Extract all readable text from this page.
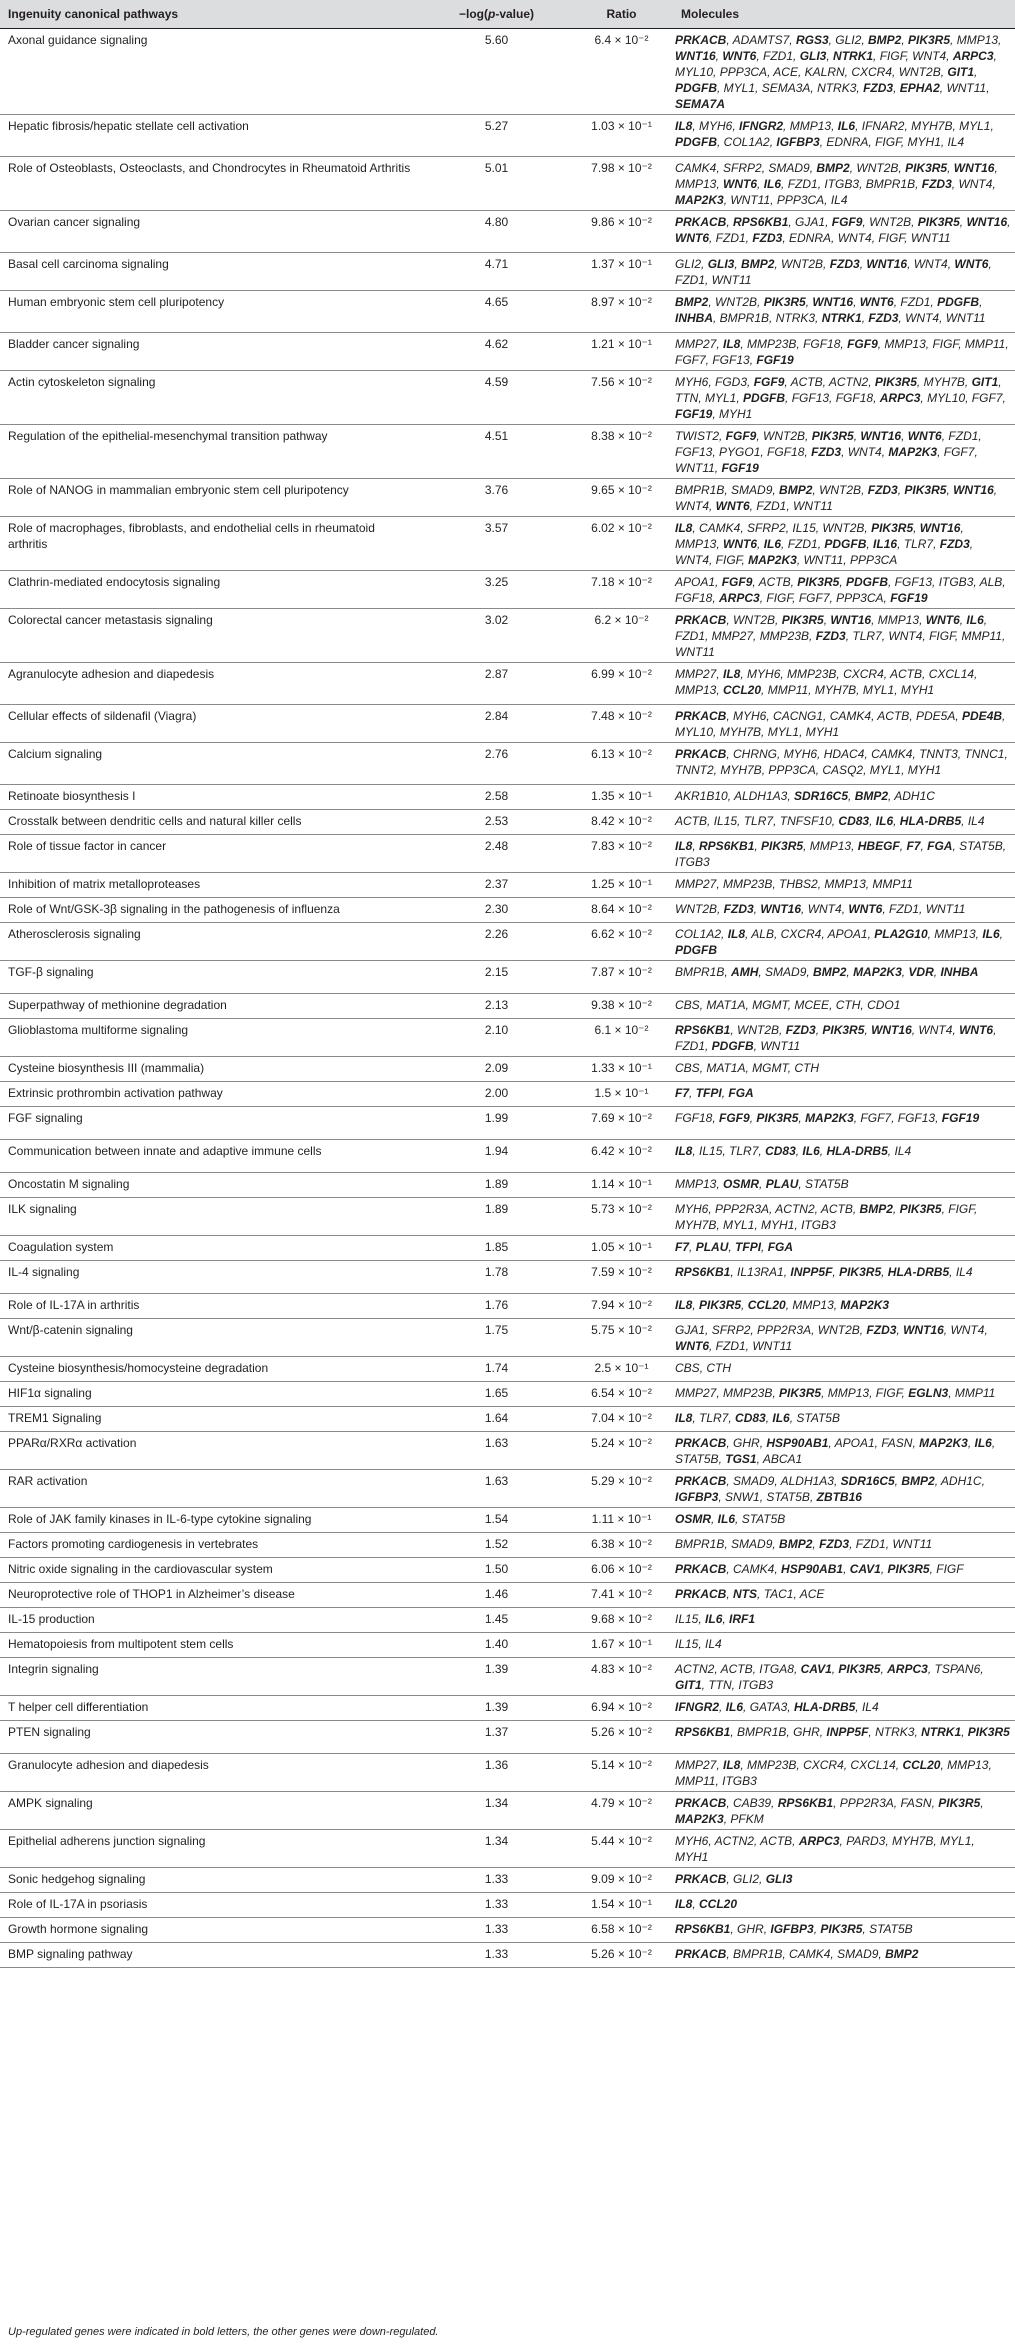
Ingenuity canonical pathways	−log(p-value)	Ratio	Molecules
Axonal guidance signaling	5.60	6.4 × 10⁻²	PRKACB, ADAMTS7, RGS3, GLI2, BMP2, PIK3R5, MMP13, WNT16, WNT6, FZD1, GLI3, NTRK1, FIGF, WNT4, ARPC3, MYL10, PPP3CA, ACE, KALRN, CXCR4, WNT2B, GIT1, PDGFB, MYL1, SEMA3A, NTRK3, FZD3, EPHA2, WNT11, SEMA7A
Hepatic fibrosis/hepatic stellate cell activation	5.27	1.03 × 10⁻¹	IL8, MYH6, IFNGR2, MMP13, IL6, IFNAR2, MYH7B, MYL1, PDGFB, COL1A2, IGFBP3, EDNRA, FIGF, MYH1, IL4
Role of Osteoblasts, Osteoclasts, and Chondrocytes in Rheumatoid Arthritis	5.01	7.98 × 10⁻²	CAMK4, SFRP2, SMAD9, BMP2, WNT2B, PIK3R5, WNT16, MMP13, WNT6, IL6, FZD1, ITGB3, BMPR1B, FZD3, WNT4, MAP2K3, WNT11, PPP3CA, IL4
Ovarian cancer signaling	4.80	9.86 × 10⁻²	PRKACB, RPS6KB1, GJA1, FGF9, WNT2B, PIK3R5, WNT16, WNT6, FZD1, FZD3, EDNRA, WNT4, FIGF, WNT11
Basal cell carcinoma signaling	4.71	1.37 × 10⁻¹	GLI2, GLI3, BMP2, WNT2B, FZD3, WNT16, WNT4, WNT6, FZD1, WNT11
Human embryonic stem cell pluripotency	4.65	8.97 × 10⁻²	BMP2, WNT2B, PIK3R5, WNT16, WNT6, FZD1, PDGFB, INHBA, BMPR1B, NTRK3, NTRK1, FZD3, WNT4, WNT11
Bladder cancer signaling	4.62	1.21 × 10⁻¹	MMP27, IL8, MMP23B, FGF18, FGF9, MMP13, FIGF, MMP11, FGF7, FGF13, FGF19
Actin cytoskeleton signaling	4.59	7.56 × 10⁻²	MYH6, FGD3, FGF9, ACTB, ACTN2, PIK3R5, MYH7B, GIT1, TTN, MYL1, PDGFB, FGF13, FGF18, ARPC3, MYL10, FGF7, FGF19, MYH1
Regulation of the epithelial-mesenchymal transition pathway	4.51	8.38 × 10⁻²	TWIST2, FGF9, WNT2B, PIK3R5, WNT16, WNT6, FZD1, FGF13, PYGO1, FGF18, FZD3, WNT4, MAP2K3, FGF7, WNT11, FGF19
Role of NANOG in mammalian embryonic stem cell pluripotency	3.76	9.65 × 10⁻²	BMPR1B, SMAD9, BMP2, WNT2B, FZD3, PIK3R5, WNT16, WNT4, WNT6, FZD1, WNT11
Role of macrophages, fibroblasts, and endothelial cells in rheumatoid arthritis	3.57	6.02 × 10⁻²	IL8, CAMK4, SFRP2, IL15, WNT2B, PIK3R5, WNT16, MMP13, WNT6, IL6, FZD1, PDGFB, IL16, TLR7, FZD3, WNT4, FIGF, MAP2K3, WNT11, PPP3CA
Clathrin-mediated endocytosis signaling	3.25	7.18 × 10⁻²	APOA1, FGF9, ACTB, PIK3R5, PDGFB, FGF13, ITGB3, ALB, FGF18, ARPC3, FIGF, FGF7, PPP3CA, FGF19
Colorectal cancer metastasis signaling	3.02	6.2 × 10⁻²	PRKACB, WNT2B, PIK3R5, WNT16, MMP13, WNT6, IL6, FZD1, MMP27, MMP23B, FZD3, TLR7, WNT4, FIGF, MMP11, WNT11
Agranulocyte adhesion and diapedesis	2.87	6.99 × 10⁻²	MMP27, IL8, MYH6, MMP23B, CXCR4, ACTB, CXCL14, MMP13, CCL20, MMP11, MYH7B, MYL1, MYH1
Cellular effects of sildenafil (Viagra)	2.84	7.48 × 10⁻²	PRKACB, MYH6, CACNG1, CAMK4, ACTB, PDE5A, PDE4B, MYL10, MYH7B, MYL1, MYH1
Calcium signaling	2.76	6.13 × 10⁻²	PRKACB, CHRNG, MYH6, HDAC4, CAMK4, TNNT3, TNNC1, TNNT2, MYH7B, PPP3CA, CASQ2, MYL1, MYH1
Retinoate biosynthesis I	2.58	1.35 × 10⁻¹	AKR1B10, ALDH1A3, SDR16C5, BMP2, ADH1C
Crosstalk between dendritic cells and natural killer cells	2.53	8.42 × 10⁻²	ACTB, IL15, TLR7, TNFSF10, CD83, IL6, HLA-DRB5, IL4
Role of tissue factor in cancer	2.48	7.83 × 10⁻²	IL8, RPS6KB1, PIK3R5, MMP13, HBEGF, F7, FGA, STAT5B, ITGB3
Inhibition of matrix metalloproteases	2.37	1.25 × 10⁻¹	MMP27, MMP23B, THBS2, MMP13, MMP11
Role of Wnt/GSK-3β signaling in the pathogenesis of influenza	2.30	8.64 × 10⁻²	WNT2B, FZD3, WNT16, WNT4, WNT6, FZD1, WNT11
Atherosclerosis signaling	2.26	6.62 × 10⁻²	COL1A2, IL8, ALB, CXCR4, APOA1, PLA2G10, MMP13, IL6, PDGFB
TGF-β signaling	2.15	7.87 × 10⁻²	BMPR1B, AMH, SMAD9, BMP2, MAP2K3, VDR, INHBA
Superpathway of methionine degradation	2.13	9.38 × 10⁻²	CBS, MAT1A, MGMT, MCEE, CTH, CDO1
Glioblastoma multiforme signaling	2.10	6.1 × 10⁻²	RPS6KB1, WNT2B, FZD3, PIK3R5, WNT16, WNT4, WNT6, FZD1, PDGFB, WNT11
Cysteine biosynthesis III (mammalia)	2.09	1.33 × 10⁻¹	CBS, MAT1A, MGMT, CTH
Extrinsic prothrombin activation pathway	2.00	1.5 × 10⁻¹	F7, TFPI, FGA
FGF signaling	1.99	7.69 × 10⁻²	FGF18, FGF9, PIK3R5, MAP2K3, FGF7, FGF13, FGF19
Communication between innate and adaptive immune cells	1.94	6.42 × 10⁻²	IL8, IL15, TLR7, CD83, IL6, HLA-DRB5, IL4
Oncostatin M signaling	1.89	1.14 × 10⁻¹	MMP13, OSMR, PLAU, STAT5B
ILK signaling	1.89	5.73 × 10⁻²	MYH6, PPP2R3A, ACTN2, ACTB, BMP2, PIK3R5, FIGF, MYH7B, MYL1, MYH1, ITGB3
Coagulation system	1.85	1.05 × 10⁻¹	F7, PLAU, TFPI, FGA
IL-4 signaling	1.78	7.59 × 10⁻²	RPS6KB1, IL13RA1, INPP5F, PIK3R5, HLA-DRB5, IL4
Role of IL-17A in arthritis	1.76	7.94 × 10⁻²	IL8, PIK3R5, CCL20, MMP13, MAP2K3
Wnt/β-catenin signaling	1.75	5.75 × 10⁻²	GJA1, SFRP2, PPP2R3A, WNT2B, FZD3, WNT16, WNT4, WNT6, FZD1, WNT11
Cysteine biosynthesis/homocysteine degradation	1.74	2.5 × 10⁻¹	CBS, CTH
HIF1α signaling	1.65	6.54 × 10⁻²	MMP27, MMP23B, PIK3R5, MMP13, FIGF, EGLN3, MMP11
TREM1 Signaling	1.64	7.04 × 10⁻²	IL8, TLR7, CD83, IL6, STAT5B
PPARα/RXRα activation	1.63	5.24 × 10⁻²	PRKACB, GHR, HSP90AB1, APOA1, FASN, MAP2K3, IL6, STAT5B, TGS1, ABCA1
RAR activation	1.63	5.29 × 10⁻²	PRKACB, SMAD9, ALDH1A3, SDR16C5, BMP2, ADH1C, IGFBP3, SNW1, STAT5B, ZBTB16
Role of JAK family kinases in IL-6-type cytokine signaling	1.54	1.11 × 10⁻¹	OSMR, IL6, STAT5B
Factors promoting cardiogenesis in vertebrates	1.52	6.38 × 10⁻²	BMPR1B, SMAD9, BMP2, FZD3, FZD1, WNT11
Nitric oxide signaling in the cardiovascular system	1.50	6.06 × 10⁻²	PRKACB, CAMK4, HSP90AB1, CAV1, PIK3R5, FIGF
Neuroprotective role of THOP1 in Alzheimer’s disease	1.46	7.41 × 10⁻²	PRKACB, NTS, TAC1, ACE
IL-15 production	1.45	9.68 × 10⁻²	IL15, IL6, IRF1
Hematopoiesis from multipotent stem cells	1.40	1.67 × 10⁻¹	IL15, IL4
Integrin signaling	1.39	4.83 × 10⁻²	ACTN2, ACTB, ITGA8, CAV1, PIK3R5, ARPC3, TSPAN6, GIT1, TTN, ITGB3
T helper cell differentiation	1.39	6.94 × 10⁻²	IFNGR2, IL6, GATA3, HLA-DRB5, IL4
PTEN signaling	1.37	5.26 × 10⁻²	RPS6KB1, BMPR1B, GHR, INPP5F, NTRK3, NTRK1, PIK3R5
Granulocyte adhesion and diapedesis	1.36	5.14 × 10⁻²	MMP27, IL8, MMP23B, CXCR4, CXCL14, CCL20, MMP13, MMP11, ITGB3
AMPK signaling	1.34	4.79 × 10⁻²	PRKACB, CAB39, RPS6KB1, PPP2R3A, FASN, PIK3R5, MAP2K3, PFKM
Epithelial adherens junction signaling	1.34	5.44 × 10⁻²	MYH6, ACTN2, ACTB, ARPC3, PARD3, MYH7B, MYL1, MYH1
Sonic hedgehog signaling	1.33	9.09 × 10⁻²	PRKACB, GLI2, GLI3
Role of IL-17A in psoriasis	1.33	1.54 × 10⁻¹	IL8, CCL20
Growth hormone signaling	1.33	6.58 × 10⁻²	RPS6KB1, GHR, IGFBP3, PIK3R5, STAT5B
BMP signaling pathway	1.33	5.26 × 10⁻²	PRKACB, BMPR1B, CAMK4, SMAD9, BMP2
Up-regulated genes were indicated in bold letters, the other genes were down-regulated.
